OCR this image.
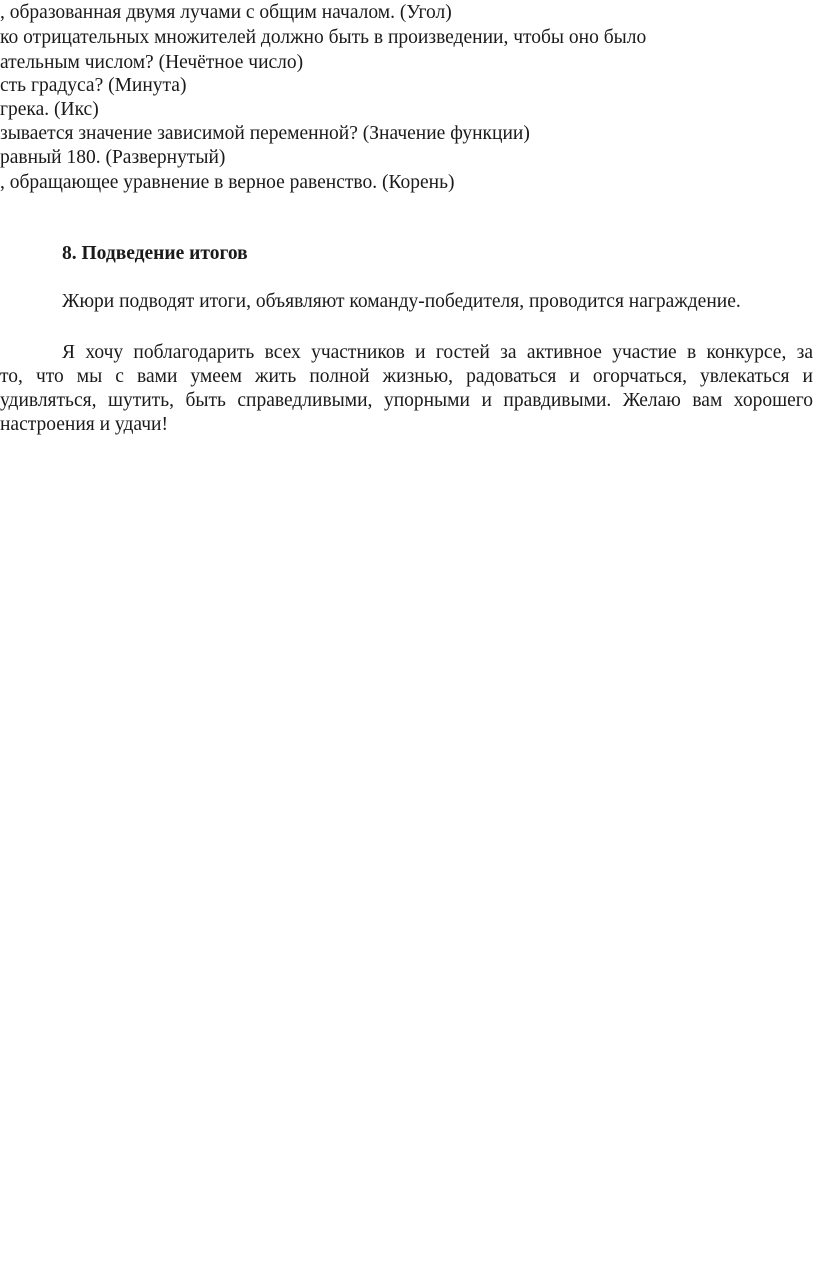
, образованная двумя лучами с общим началом. (Угол)
ко отрицательных множителей должно быть в произведении, чтобы оно было
ательным числом? (Нечётное число)
сть градуса? (Минута)
грека. (Икс)
зывается значение зависимой переменной? (Значение функции)
равный 180. (Развернутый)
, обращающее уравнение в верное равенство. (Корень)
8. Подведение итогов
Жюри подводят итоги, объявляют команду-победителя, проводится награждение.
Я хочу поблагодарить всех участников и гостей за активное участие в конкурсе, за
то, что мы с вами умеем жить полной жизнью, радоваться и огорчаться, увлекаться и
удивляться, шутить, быть справедливыми, упорными и правдивыми. Желаю вам хорошего
настроения и удачи!
